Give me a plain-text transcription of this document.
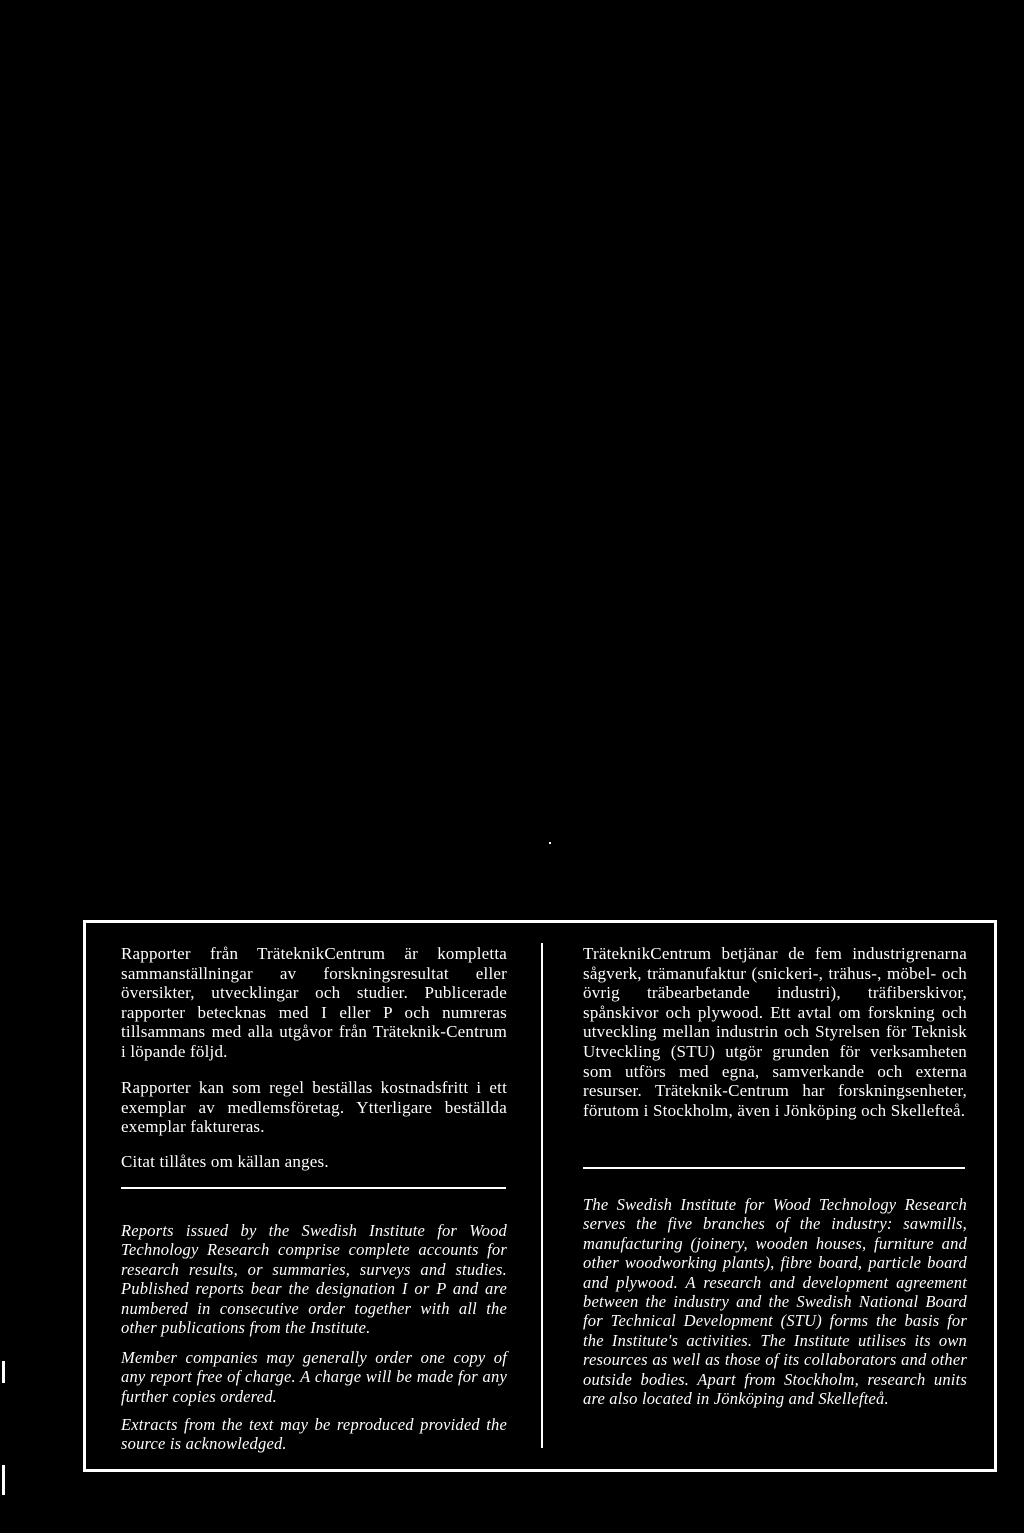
Rapporter från TräteknikCentrum är kompletta sammanställningar av forskningsresultat eller översikter, utvecklingar och studier. Publicerade rapporter betecknas med I eller P och numreras tillsammans med alla utgåvor från Träteknik-Centrum i löpande följd.

Rapporter kan som regel beställas kostnadsfritt i ett exemplar av medlemsföretag. Ytterligare beställda exemplar faktureras.

Citat tillåtes om källan anges.

Reports issued by the Swedish Institute for Wood Technology Research comprise complete accounts for research results, or summaries, surveys and studies. Published reports bear the designation I or P and are numbered in consecutive order together with all the other publications from the Institute.

Member companies may generally order one copy of any report free of charge. A charge will be made for any further copies ordered.

Extracts from the text may be reproduced provided the source is acknowledged.

TräteknikCentrum betjänar de fem industrigrenarna sågverk, trämanufaktur (snickeri-, trähus-, möbel- och övrig träbearbetande industri), träfiberskivor, spånskivor och plywood. Ett avtal om forskning och utveckling mellan industrin och Styrelsen för Teknisk Utveckling (STU) utgör grunden för verksamheten som utförs med egna, samverkande och externa resurser. Träteknik-Centrum har forskningsenheter, förutom i Stockholm, även i Jönköping och Skellefteå.

The Swedish Institute for Wood Technology Research serves the five branches of the industry: sawmills, manufacturing (joinery, wooden houses, furniture and other woodworking plants), fibre board, particle board and plywood. A research and development agreement between the industry and the Swedish National Board for Technical Development (STU) forms the basis for the Institute's activities. The Institute utilises its own resources as well as those of its collaborators and other outside bodies. Apart from Stockholm, research units are also located in Jönköping and Skellefteå.
